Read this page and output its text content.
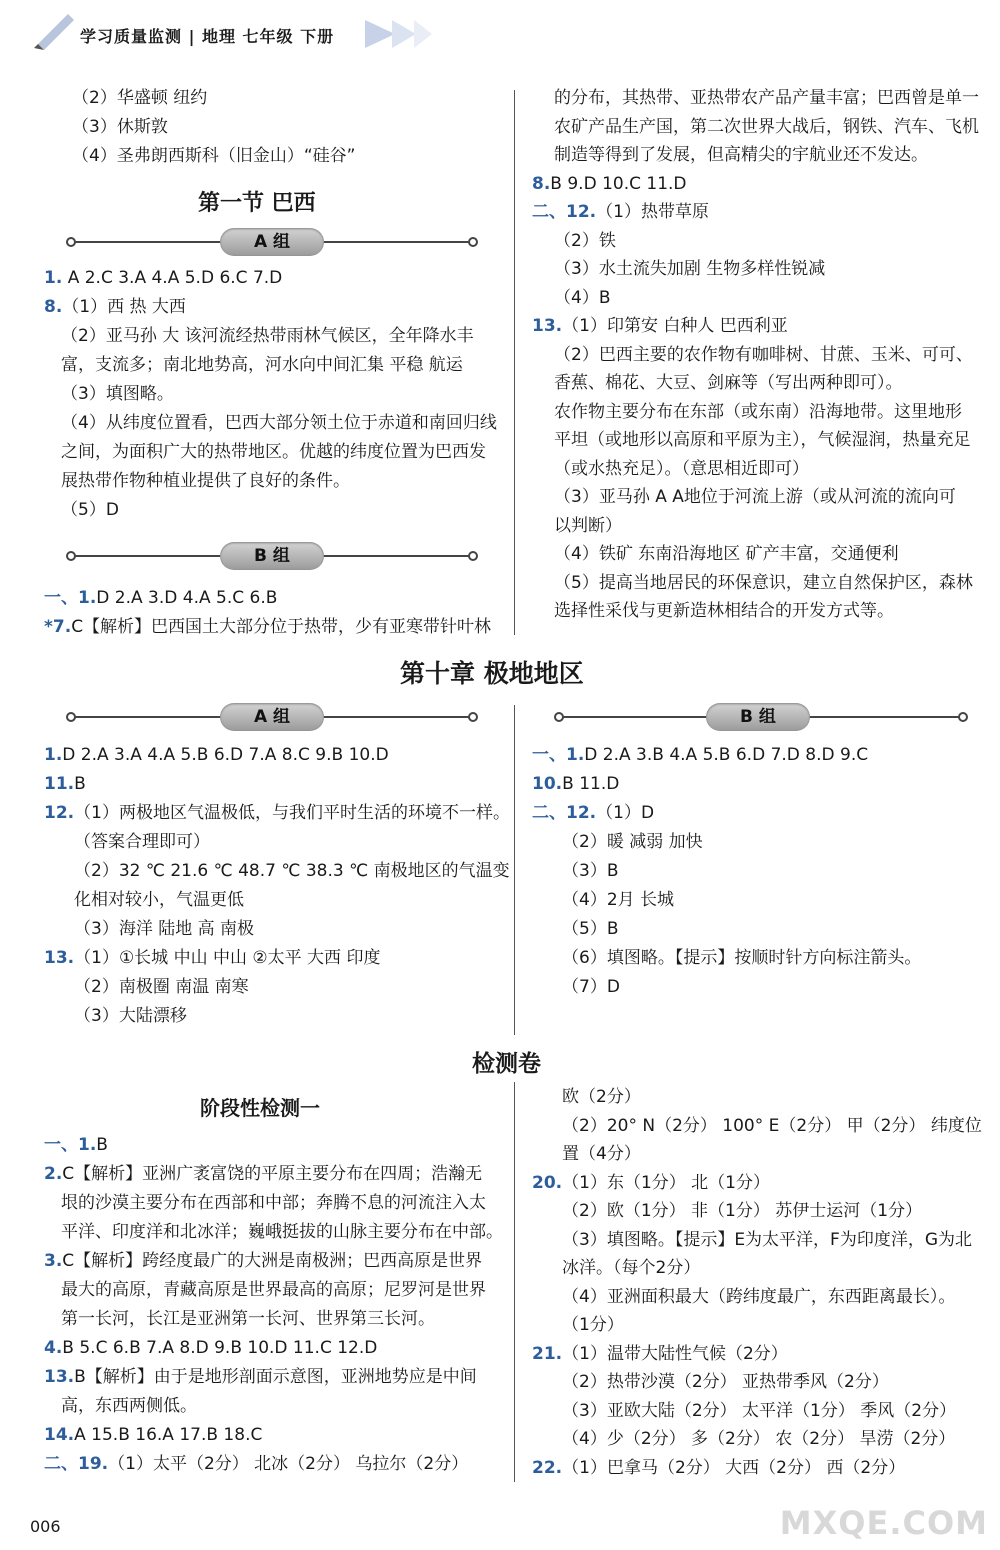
学习质量监测 | 地理 七年级 下册
（2）华盛顿 纽约
（3）休斯敦
（4）圣弗朗西斯科（旧金山）“硅谷”
第一节 巴西
A 组
1. A 2.C 3.A 4.A 5.D 6.C 7.D
8.（1）西 热 大西
（2）亚马孙 大 该河流经热带雨林气候区，全年降水丰
富，支流多；南北地势高，河水向中间汇集 平稳 航运
（3）填图略。
（4）从纬度位置看，巴西大部分领土位于赤道和南回归线
之间，为面积广大的热带地区。优越的纬度位置为巴西发
展热带作物种植业提供了良好的条件。
（5）D
B 组
一、1.D 2.A 3.D 4.A 5.C 6.B
*7.C【解析】巴西国土大部分位于热带，少有亚寒带针叶林
的分布，其热带、亚热带农产品产量丰富；巴西曾是单一
农矿产品生产国，第二次世界大战后，钢铁、汽车、飞机
制造等得到了发展，但高精尖的宇航业还不发达。
8.B 9.D 10.C 11.D
二、12.（1）热带草原
（2）铁
（3）水土流失加剧 生物多样性锐减
（4）B
13.（1）印第安 白种人 巴西利亚
（2）巴西主要的农作物有咖啡树、甘蔗、玉米、可可、
香蕉、棉花、大豆、剑麻等（写出两种即可）。
农作物主要分布在东部（或东南）沿海地带。这里地形
平坦（或地形以高原和平原为主），气候湿润，热量充足
（或水热充足）。（意思相近即可）
（3）亚马孙 A A地位于河流上游（或从河流的流向可
以判断）
（4）铁矿 东南沿海地区 矿产丰富，交通便利
（5）提高当地居民的环保意识，建立自然保护区，森林
选择性采伐与更新造林相结合的开发方式等。
第十章 极地地区
A 组	B 组
1.D 2.A 3.A 4.A 5.B 6.D 7.A 8.C 9.B 10.D
11.B
12.（1）两极地区气温极低，与我们平时生活的环境不一样。
（答案合理即可）
（2）32 ℃ 21.6 ℃ 48.7 ℃ 38.3 ℃ 南极地区的气温变
化相对较小，气温更低
（3）海洋 陆地 高 南极
13.（1）①长城 中山 中山 ②太平 大西 印度
（2）南极圈 南温 南寒
（3）大陆漂移
一、1.D 2.A 3.B 4.A 5.B 6.D 7.D 8.D 9.C
10.B 11.D
二、12.（1）D
（2）暖 减弱 加快
（3）B
（4）2月 长城
（5）B
（6）填图略。【提示】按顺时针方向标注箭头。
（7）D
检测卷
阶段性检测一
一、1.B
2.C【解析】亚洲广袤富饶的平原主要分布在四周；浩瀚无
垠的沙漠主要分布在西部和中部；奔腾不息的河流注入太
平洋、印度洋和北冰洋；巍峨挺拔的山脉主要分布在中部。
3.C【解析】跨经度最广的大洲是南极洲；巴西高原是世界
最大的高原，青藏高原是世界最高的高原；尼罗河是世界
第一长河，长江是亚洲第一长河、世界第三长河。
4.B 5.C 6.B 7.A 8.D 9.B 10.D 11.C 12.D
13.B【解析】由于是地形剖面示意图，亚洲地势应是中间
高，东西两侧低。
14.A 15.B 16.A 17.B 18.C
二、19.（1）太平（2分） 北冰（2分） 乌拉尔（2分）
欧（2分）
（2）20° N（2分） 100° E（2分） 甲（2分） 纬度位
置（4分）
20.（1）东（1分） 北（1分）
（2）欧（1分） 非（1分） 苏伊士运河（1分）
（3）填图略。【提示】E为太平洋，F为印度洋，G为北
冰洋。（每个2分）
（4）亚洲面积最大（跨纬度最广，东西距离最长）。
（1分）
21.（1）温带大陆性气候（2分）
（2）热带沙漠（2分） 亚热带季风（2分）
（3）亚欧大陆（2分） 太平洋（1分） 季风（2分）
（4）少（2分） 多（2分） 农（2分） 旱涝（2分）
22.（1）巴拿马（2分） 大西（2分） 西（2分）
006	MXQE.COM
